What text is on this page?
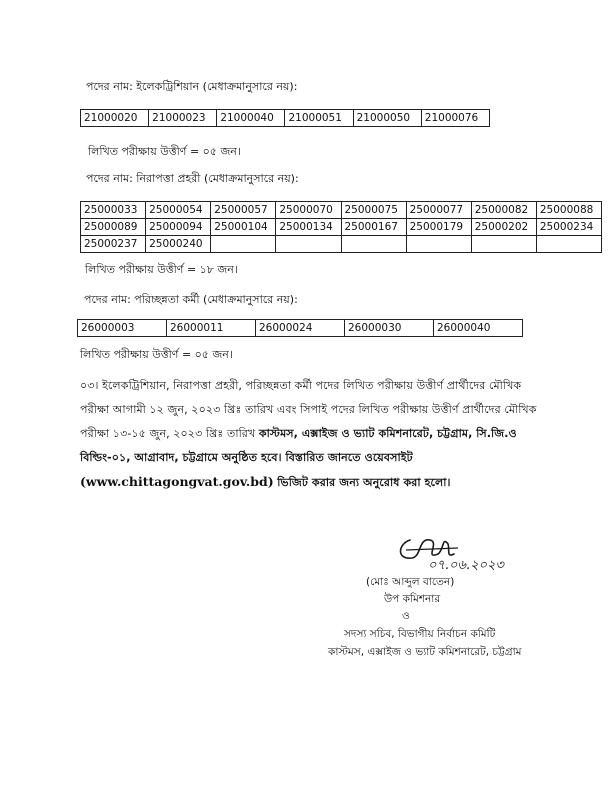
পদের নাম: ইলেকট্রিশিয়ান (মেধাক্রমানুসারে নয়):
21000020	21000023	21000040	21000051	21000050	21000076
লিখিত পরীক্ষায় উত্তীর্ণ = ০৫ জন।
পদের নাম: নিরাপত্তা প্রহরী (মেধাক্রমানুসারে নয়):
25000033	25000054	25000057	25000070	25000075	25000077	25000082	25000088
25000089	25000094	25000104	25000134	25000167	25000179	25000202	25000234
25000237	25000240						
লিখিত পরীক্ষায় উত্তীর্ণ = ১৮ জন।
পদের নাম: পরিচ্ছন্নতা কর্মী (মেধাক্রমানুসারে নয়):
26000003	26000011	26000024	26000030	26000040
লিখিত পরীক্ষায় উত্তীর্ণ = ০৫ জন।
০৩। ইলেকট্রিশিয়ান, নিরাপত্তা প্রহরী, পরিচ্ছন্নতা কর্মী পদের লিখিত পরীক্ষায় উত্তীর্ণ প্রার্থীদের মৌখিক পরীক্ষা আগামী ১২ জুন, ২০২৩ খ্রিঃ তারিখ এবং সিপাই পদের লিখিত পরীক্ষায় উত্তীর্ণ প্রার্থীদের মৌখিক পরীক্ষা ১৩-১৫ জুন, ২০২৩ খ্রিঃ তারিখ কাস্টমস, এক্সাইজ ও ভ্যাট কমিশনারেট, চট্টগ্রাম, সি.জি.ও বিল্ডিং-০১, আগ্রাবাদ, চট্টগ্রামে অনুষ্ঠিত হবে। বিস্তারিত জানতে ওয়েবসাইট (www.chittagongvat.gov.bd) ভিজিট করার জন্য অনুরোধ করা হলো।
০৭.০৬.২০২৩
(মোঃ আব্দুল বাতেন)
উপ কমিশনার
ও
সদস্য সচিব, বিভাগীয় নির্বাচন কমিটি
কাস্টমস, এক্সাইজ ও ভ্যাট কমিশনারেট, চট্টগ্রাম
